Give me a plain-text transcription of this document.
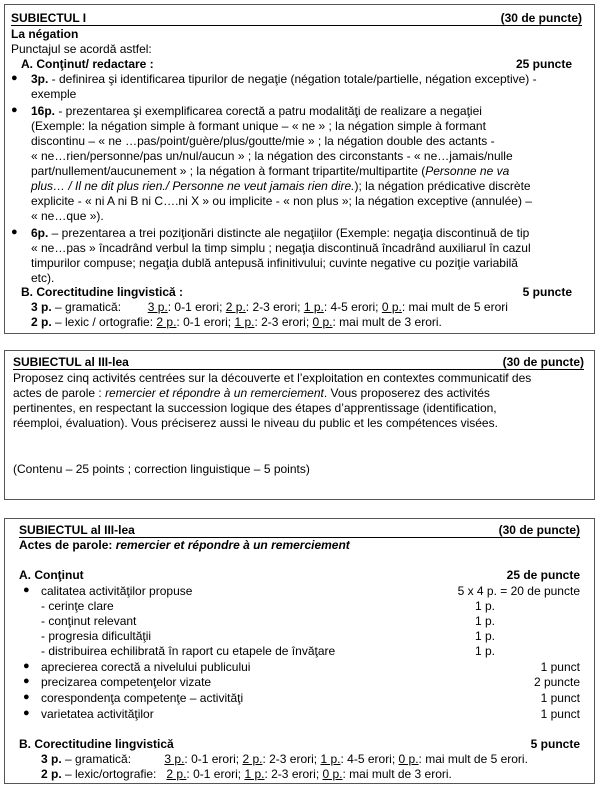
SUBIECTUL I	(30 de puncte)
La négation
Punctajul se acordă astfel:
A. Conţinut/ redactare :	25 puncte
● 3p. - definirea şi identificarea tipurilor de negaţie (négation totale/partielle, négation exceptive) -
exemple
● 16p. - prezentarea şi exemplificarea corectă a patru modalităţi de realizare a negaţiei
(Exemple: la négation simple à formant unique – « ne » ; la négation simple à formant
discontinu – « ne …pas/point/guère/plus/goutte/mie » ; la négation double des actants -
« ne…rien/personne/pas un/nul/aucun » ; la négation des circonstants - « ne…jamais/nulle
part/nullement/aucunement » ; la négation à formant tripartite/multipartite (Personne ne va
plus… / Il ne dit plus rien./ Personne ne veut jamais rien dire.); la négation prédicative discrète
explicite - « ni A ni B ni C….ni X » ou implicite - « non plus »; la négation exceptive (annulée) –
« ne…que »).
● 6p. – prezentarea a trei poziţionări distincte ale negaţiilor (Exemple: negaţia discontinuă de tip
« ne…pas » încadrând verbul la timp simplu ; negaţia discontinuă încadrând auxiliarul în cazul
timpurilor compuse; negaţia dublă antepusă infinitivului; cuvinte negative cu poziţie variabilă
etc).
B. Corectitudine lingvistică :	5 puncte
3 p. – gramatică: 3 p.: 0-1 erori; 2 p.: 2-3 erori; 1 p.: 4-5 erori; 0 p.: mai mult de 5 erori
2 p. – lexic / ortografie: 2 p.: 0-1 erori; 1 p.: 2-3 erori; 0 p.: mai mult de 3 erori.
SUBIECTUL al III-lea	(30 de puncte)
Proposez cinq activités centrées sur la découverte et l’exploitation en contextes communicatif des
actes de parole : remercier et répondre à un remerciement. Vous proposerez des activités
pertinentes, en respectant la succession logique des étapes d’apprentissage (identification,
réemploi, évaluation). Vous préciserez aussi le niveau du public et les compétences visées.
(Contenu – 25 points ; correction linguistique – 5 points)
SUBIECTUL al III-lea	(30 de puncte)
Actes de parole: remercier et répondre à un remerciement
A. Conţinut	25 de puncte
● calitatea activităţilor propuse	5 x 4 p. = 20 de puncte
- cerinţe clare	1 p.
- conţinut relevant	1 p.
- progresia dificultăţii	1 p.
- distribuirea echilibrată în raport cu etapele de învăţare	1 p.
● aprecierea corectă a nivelului publicului	1 punct
● precizarea competenţelor vizate	2 puncte
● corespondenţa competenţe – activităţi	1 punct
● varietatea activităţilor	1 punct
B. Corectitudine lingvistică	5 puncte
3 p. – gramatică:	3 p.: 0-1 erori; 2 p.: 2-3 erori; 1 p.: 4-5 erori; 0 p.: mai mult de 5 erori.
2 p. – lexic/ortografie: 2 p.: 0-1 erori; 1 p.: 2-3 erori; 0 p.: mai mult de 3 erori.
